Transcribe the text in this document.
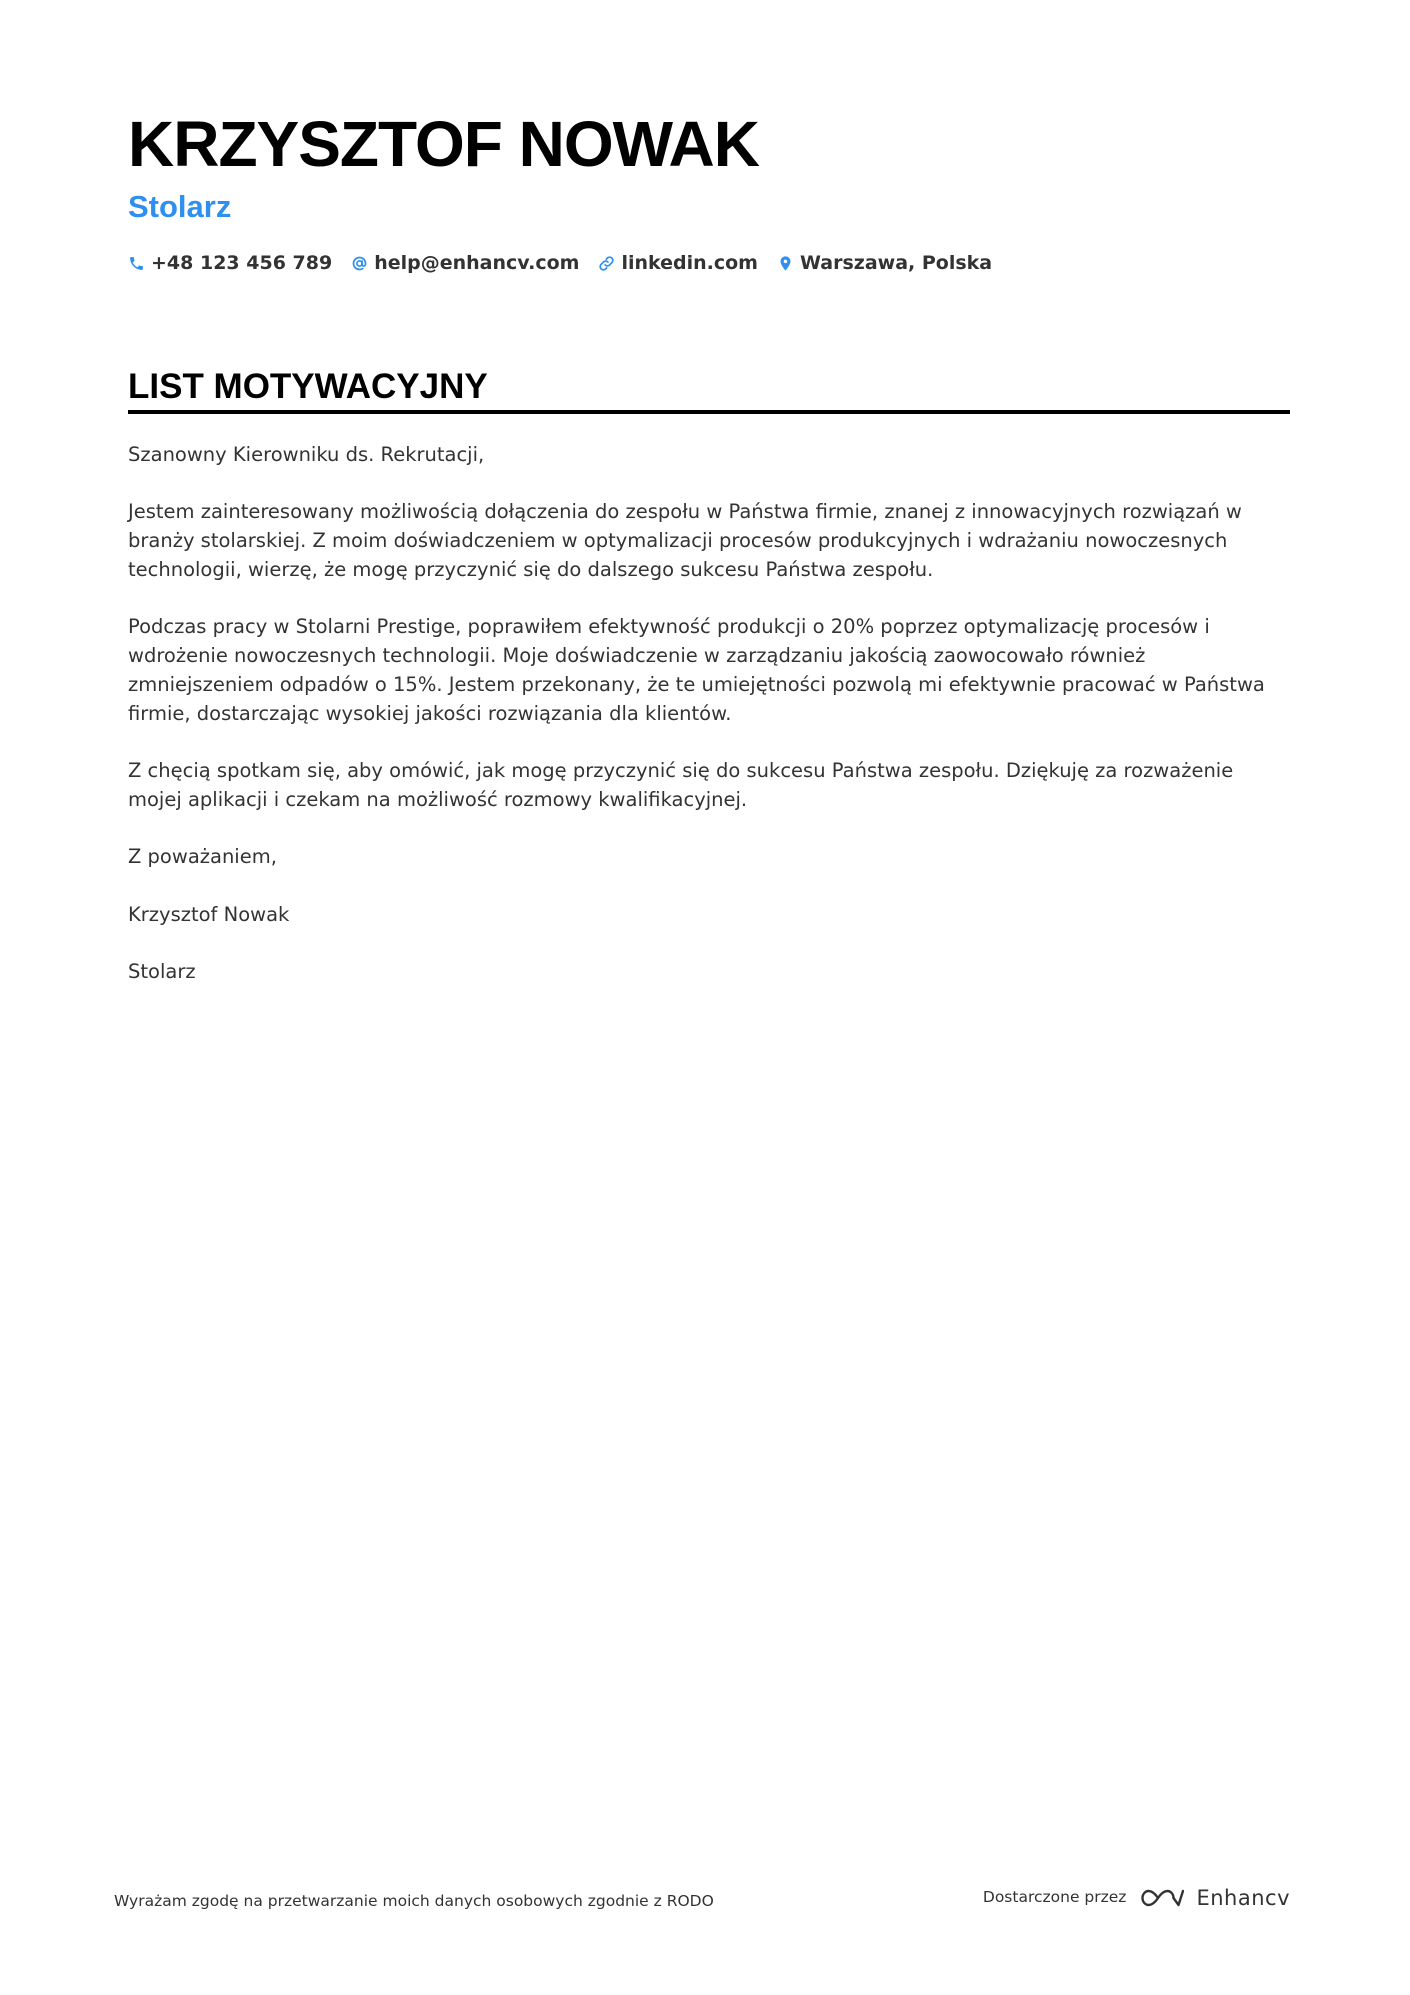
KRZYSZTOF NOWAK
Stolarz
+48 123 456 789 help@enhancv.com linkedin.com Warszawa, Polska
LIST MOTYWACYJNY

Szanowny Kierowniku ds. Rekrutacji,

Jestem zainteresowany możliwością dołączenia do zespołu w Państwa firmie, znanej z innowacyjnych rozwiązań w branży stolarskiej. Z moim doświadczeniem w optymalizacji procesów produkcyjnych i wdrażaniu nowoczesnych technologii, wierzę, że mogę przyczynić się do dalszego sukcesu Państwa zespołu.

Podczas pracy w Stolarni Prestige, poprawiłem efektywność produkcji o 20% poprzez optymalizację procesów i wdrożenie nowoczesnych technologii. Moje doświadczenie w zarządzaniu jakością zaowocowało również zmniejszeniem odpadów o 15%. Jestem przekonany, że te umiejętności pozwolą mi efektywnie pracować w Państwa firmie, dostarczając wysokiej jakości rozwiązania dla klientów.

Z chęcią spotkam się, aby omówić, jak mogę przyczynić się do sukcesu Państwa zespołu. Dziękuję za rozważenie mojej aplikacji i czekam na możliwość rozmowy kwalifikacyjnej.

Z poważaniem,

Krzysztof Nowak

Stolarz

Wyrażam zgodę na przetwarzanie moich danych osobowych zgodnie z RODO	Dostarczone przez	Enhancv
